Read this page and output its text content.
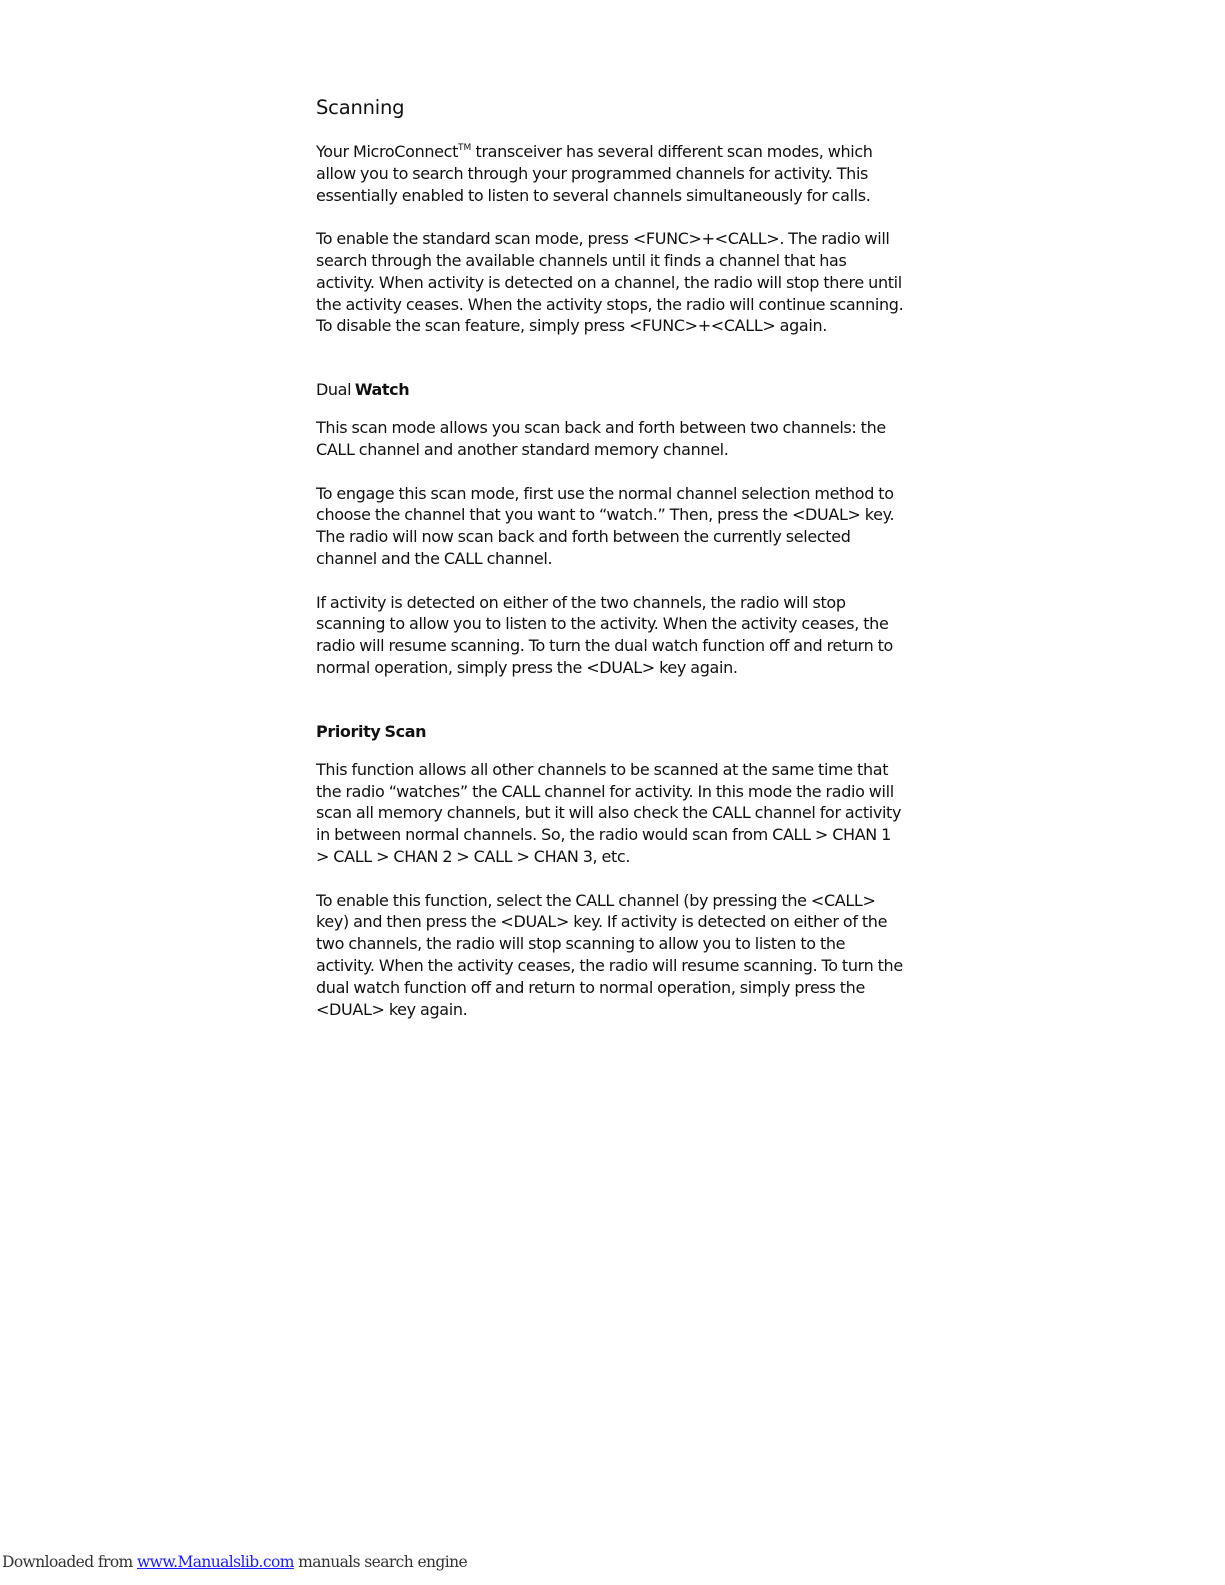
Scanning

Your MicroConnect™ transceiver has several different scan modes, which allow you to search through your programmed channels for activity. This essentially enabled to listen to several channels simultaneously for calls.

To enable the standard scan mode, press <FUNC>+<CALL>. The radio will search through the available channels until it finds a channel that has activity. When activity is detected on a channel, the radio will stop there until the activity ceases. When the activity stops, the radio will continue scanning. To disable the scan feature, simply press <FUNC>+<CALL> again.

Dual Watch

This scan mode allows you scan back and forth between two channels: the CALL channel and another standard memory channel.

To engage this scan mode, first use the normal channel selection method to choose the channel that you want to “watch.” Then, press the <DUAL> key. The radio will now scan back and forth between the currently selected channel and the CALL channel.

If activity is detected on either of the two channels, the radio will stop scanning to allow you to listen to the activity. When the activity ceases, the radio will resume scanning. To turn the dual watch function off and return to normal operation, simply press the <DUAL> key again.

Priority Scan

This function allows all other channels to be scanned at the same time that the radio “watches” the CALL channel for activity. In this mode the radio will scan all memory channels, but it will also check the CALL channel for activity in between normal channels. So, the radio would scan from CALL > CHAN 1 > CALL > CHAN 2 > CALL > CHAN 3, etc.

To enable this function, select the CALL channel (by pressing the <CALL> key) and then press the <DUAL> key. If activity is detected on either of the two channels, the radio will stop scanning to allow you to listen to the activity. When the activity ceases, the radio will resume scanning. To turn the dual watch function off and return to normal operation, simply press the <DUAL> key again.

Downloaded from www.Manualslib.com manuals search engine
